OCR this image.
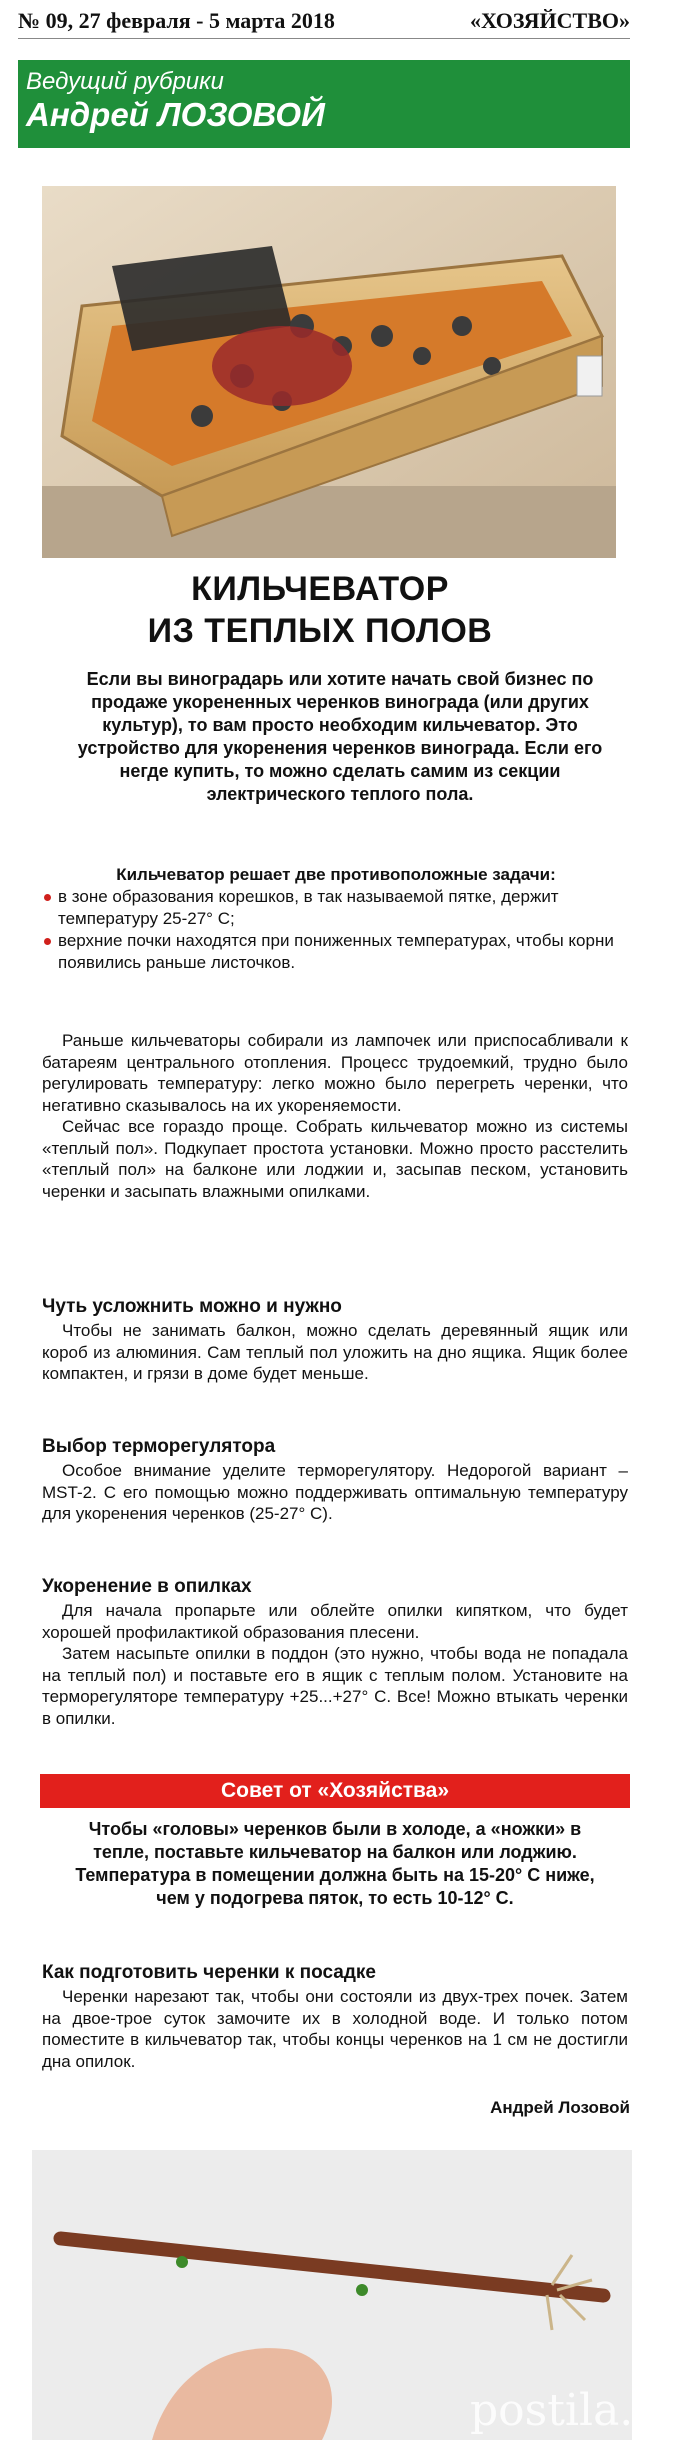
№ 09, 27 февраля - 5 марта 2018	«ХОЗЯЙСТВО»
Ведущий рубрики
Андрей ЛОЗОВОЙ
КИЛЬЧЕВАТОР
ИЗ ТЕПЛЫХ ПОЛОВ
Если вы виноградарь или хотите начать свой бизнес по продаже укорененных черенков винограда (или других культур), то вам просто необходим кильчеватор. Это устройство для укоренения черенков винограда. Если его негде купить, то можно сделать самим из секции электрического теплого пола.
Кильчеватор решает две противоположные задачи:
в зоне образования корешков, в так называемой пятке, держит температуру 25-27° С;
верхние почки находятся при пониженных температурах, чтобы корни появились раньше листочков.

Раньше кильчеваторы собирали из лампочек или приспосабливали к батареям центрального отопления. Процесс трудоемкий, трудно было регулировать температуру: легко можно было перегреть черенки, что негативно сказывалось на их укореняемости.

Сейчас все гораздо проще. Собрать кильчеватор можно из системы «теплый пол». Подкупает простота установки. Можно просто расстелить «теплый пол» на балконе или лоджии и, засыпав песком, установить черенки и засыпать влажными опилками.

Чуть усложнить можно и нужно

Чтобы не занимать балкон, можно сделать деревянный ящик или короб из алюминия. Сам теплый пол уложить на дно ящика. Ящик более компактен, и грязи в доме будет меньше.

Выбор терморегулятора

Особое внимание уделите терморегулятору. Недорогой вариант – MST-2. С его помощью можно поддерживать оптимальную температуру для укоренения черенков (25-27° С).

Укоренение в опилках

Для начала пропарьте или облейте опилки кипятком, что будет хорошей профилактикой образования плесени.

Затем насыпьте опилки в поддон (это нужно, чтобы вода не попадала на теплый пол) и поставьте его в ящик с теплым полом. Установите на терморегуляторе температуру +25...+27° С. Все! Можно втыкать черенки в опилки.

Совет от «Хозяйства»
Чтобы «головы» черенков были в холоде, а «ножки» в тепле, поставьте кильчеватор на балкон или лоджию. Температура в помещении должна быть на 15-20° С ниже, чем у подогрева пяток, то есть 10-12° С.
Как подготовить черенки к посадке

Черенки нарезают так, чтобы они состояли из двух-трех почек. Затем на двое-трое суток замочите их в холодной воде. И только потом поместите в кильчеватор так, чтобы концы черенков на 1 см не достигли дна опилок.

Андрей Лозовой
postila.ru
